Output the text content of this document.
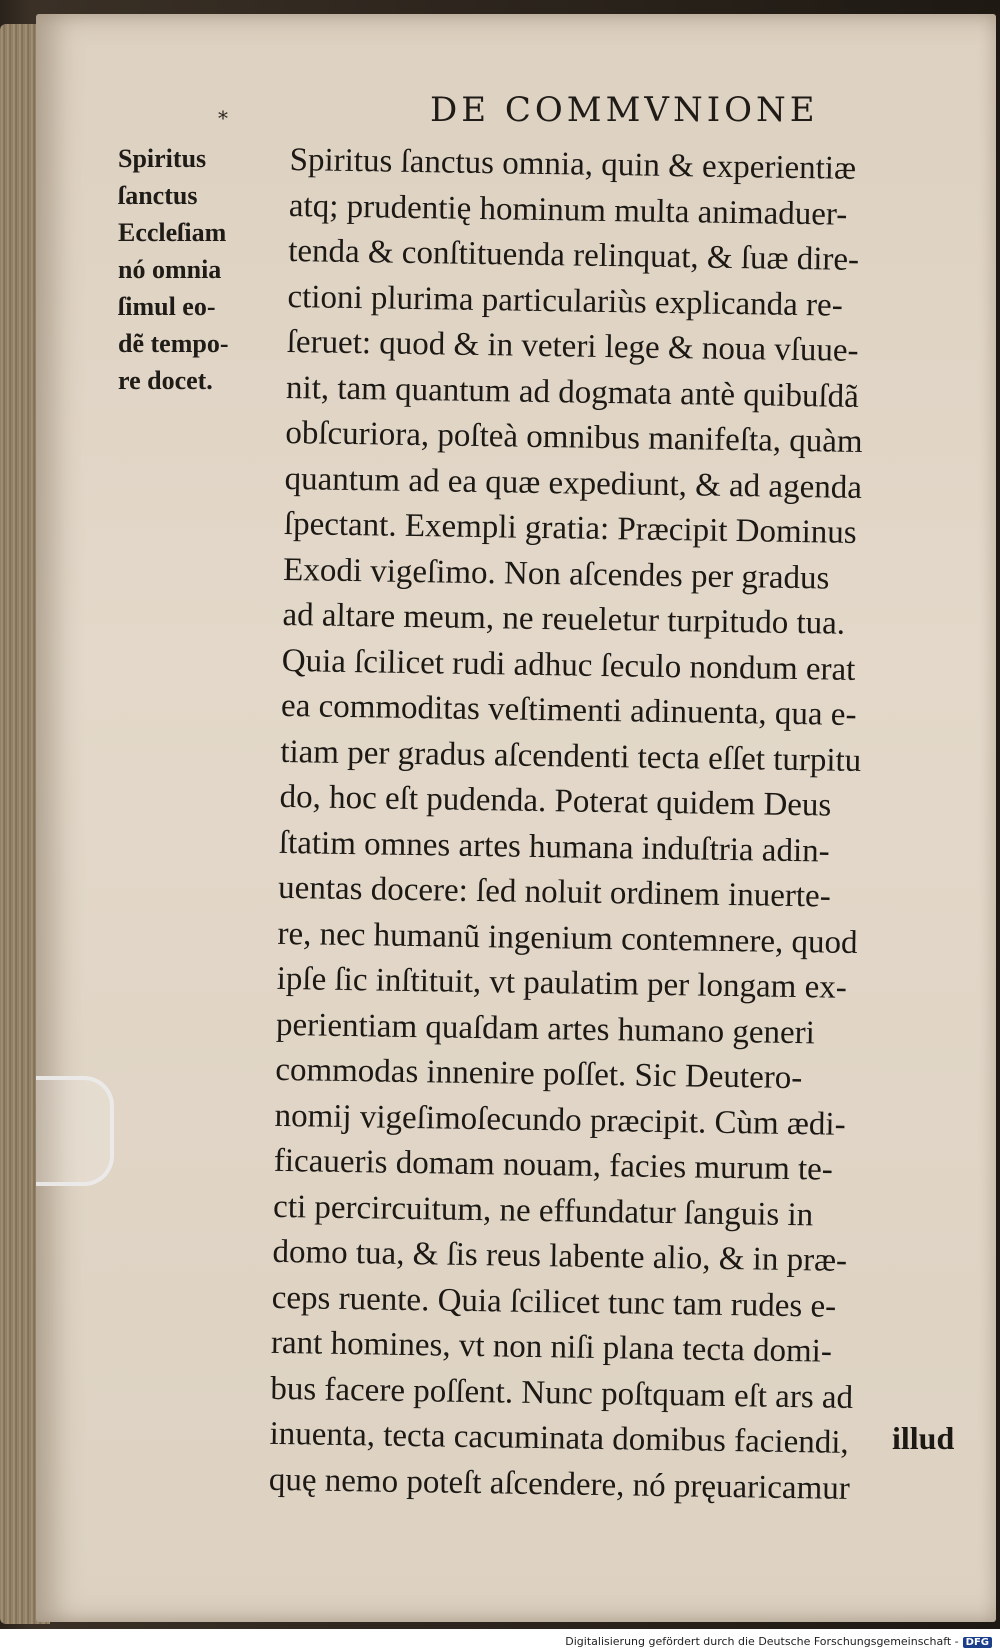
*	DE COMMVNIONE
Spiritus
ſanctus
Eccleſiam
nó omnia
ſimul eo-
dẽ tempo-
re docet.
Spiritus ſanctus omnia, quin & experientiæ
atq; prudentię hominum multa animaduer-
tenda & conſtituenda relinquat, & ſuæ dire-
ctioni plurima particulariùs explicanda re-
ſeruet: quod & in veteri lege & noua vſuue-
nit, tam quantum ad dogmata antè quibuſdã
obſcuriora, poſteà omnibus manifeſta, quàm
quantum ad ea quæ expediunt, & ad agenda
ſpectant. Exempli gratia: Præcipit Dominus
Exodi vigeſimo. Non aſcendes per gradus
ad altare meum, ne reueletur turpitudo tua.
Quia ſcilicet rudi adhuc ſeculo nondum erat
ea commoditas veſtimenti adinuenta, qua e-
tiam per gradus aſcendenti tecta eſſet turpitu
do, hoc eſt pudenda. Poterat quidem Deus
ſtatim omnes artes humana induſtria adin-
uentas docere: ſed noluit ordinem inuerte-
re, nec humanũ ingenium contemnere, quod
ipſe ſic inſtituit, vt paulatim per longam ex-
perientiam quaſdam artes humano generi
commodas innenire poſſet. Sic Deutero-
nomij vigeſimoſecundo præcipit. Cùm ædi-
ficaueris domam nouam, facies murum te-
cti percircuitum, ne effundatur ſanguis in
domo tua, & ſis reus labente alio, & in præ-
ceps ruente. Quia ſcilicet tunc tam rudes e-
rant homines, vt non niſi plana tecta domi-
bus facere poſſent. Nunc poſtquam eſt ars ad
inuenta, tecta cacuminata domibus faciendi,
quę nemo poteſt aſcendere, nó pręuaricamur
illud
Digitalisierung gefördert durch die Deutsche Forschungsgemeinschaft - DFG
